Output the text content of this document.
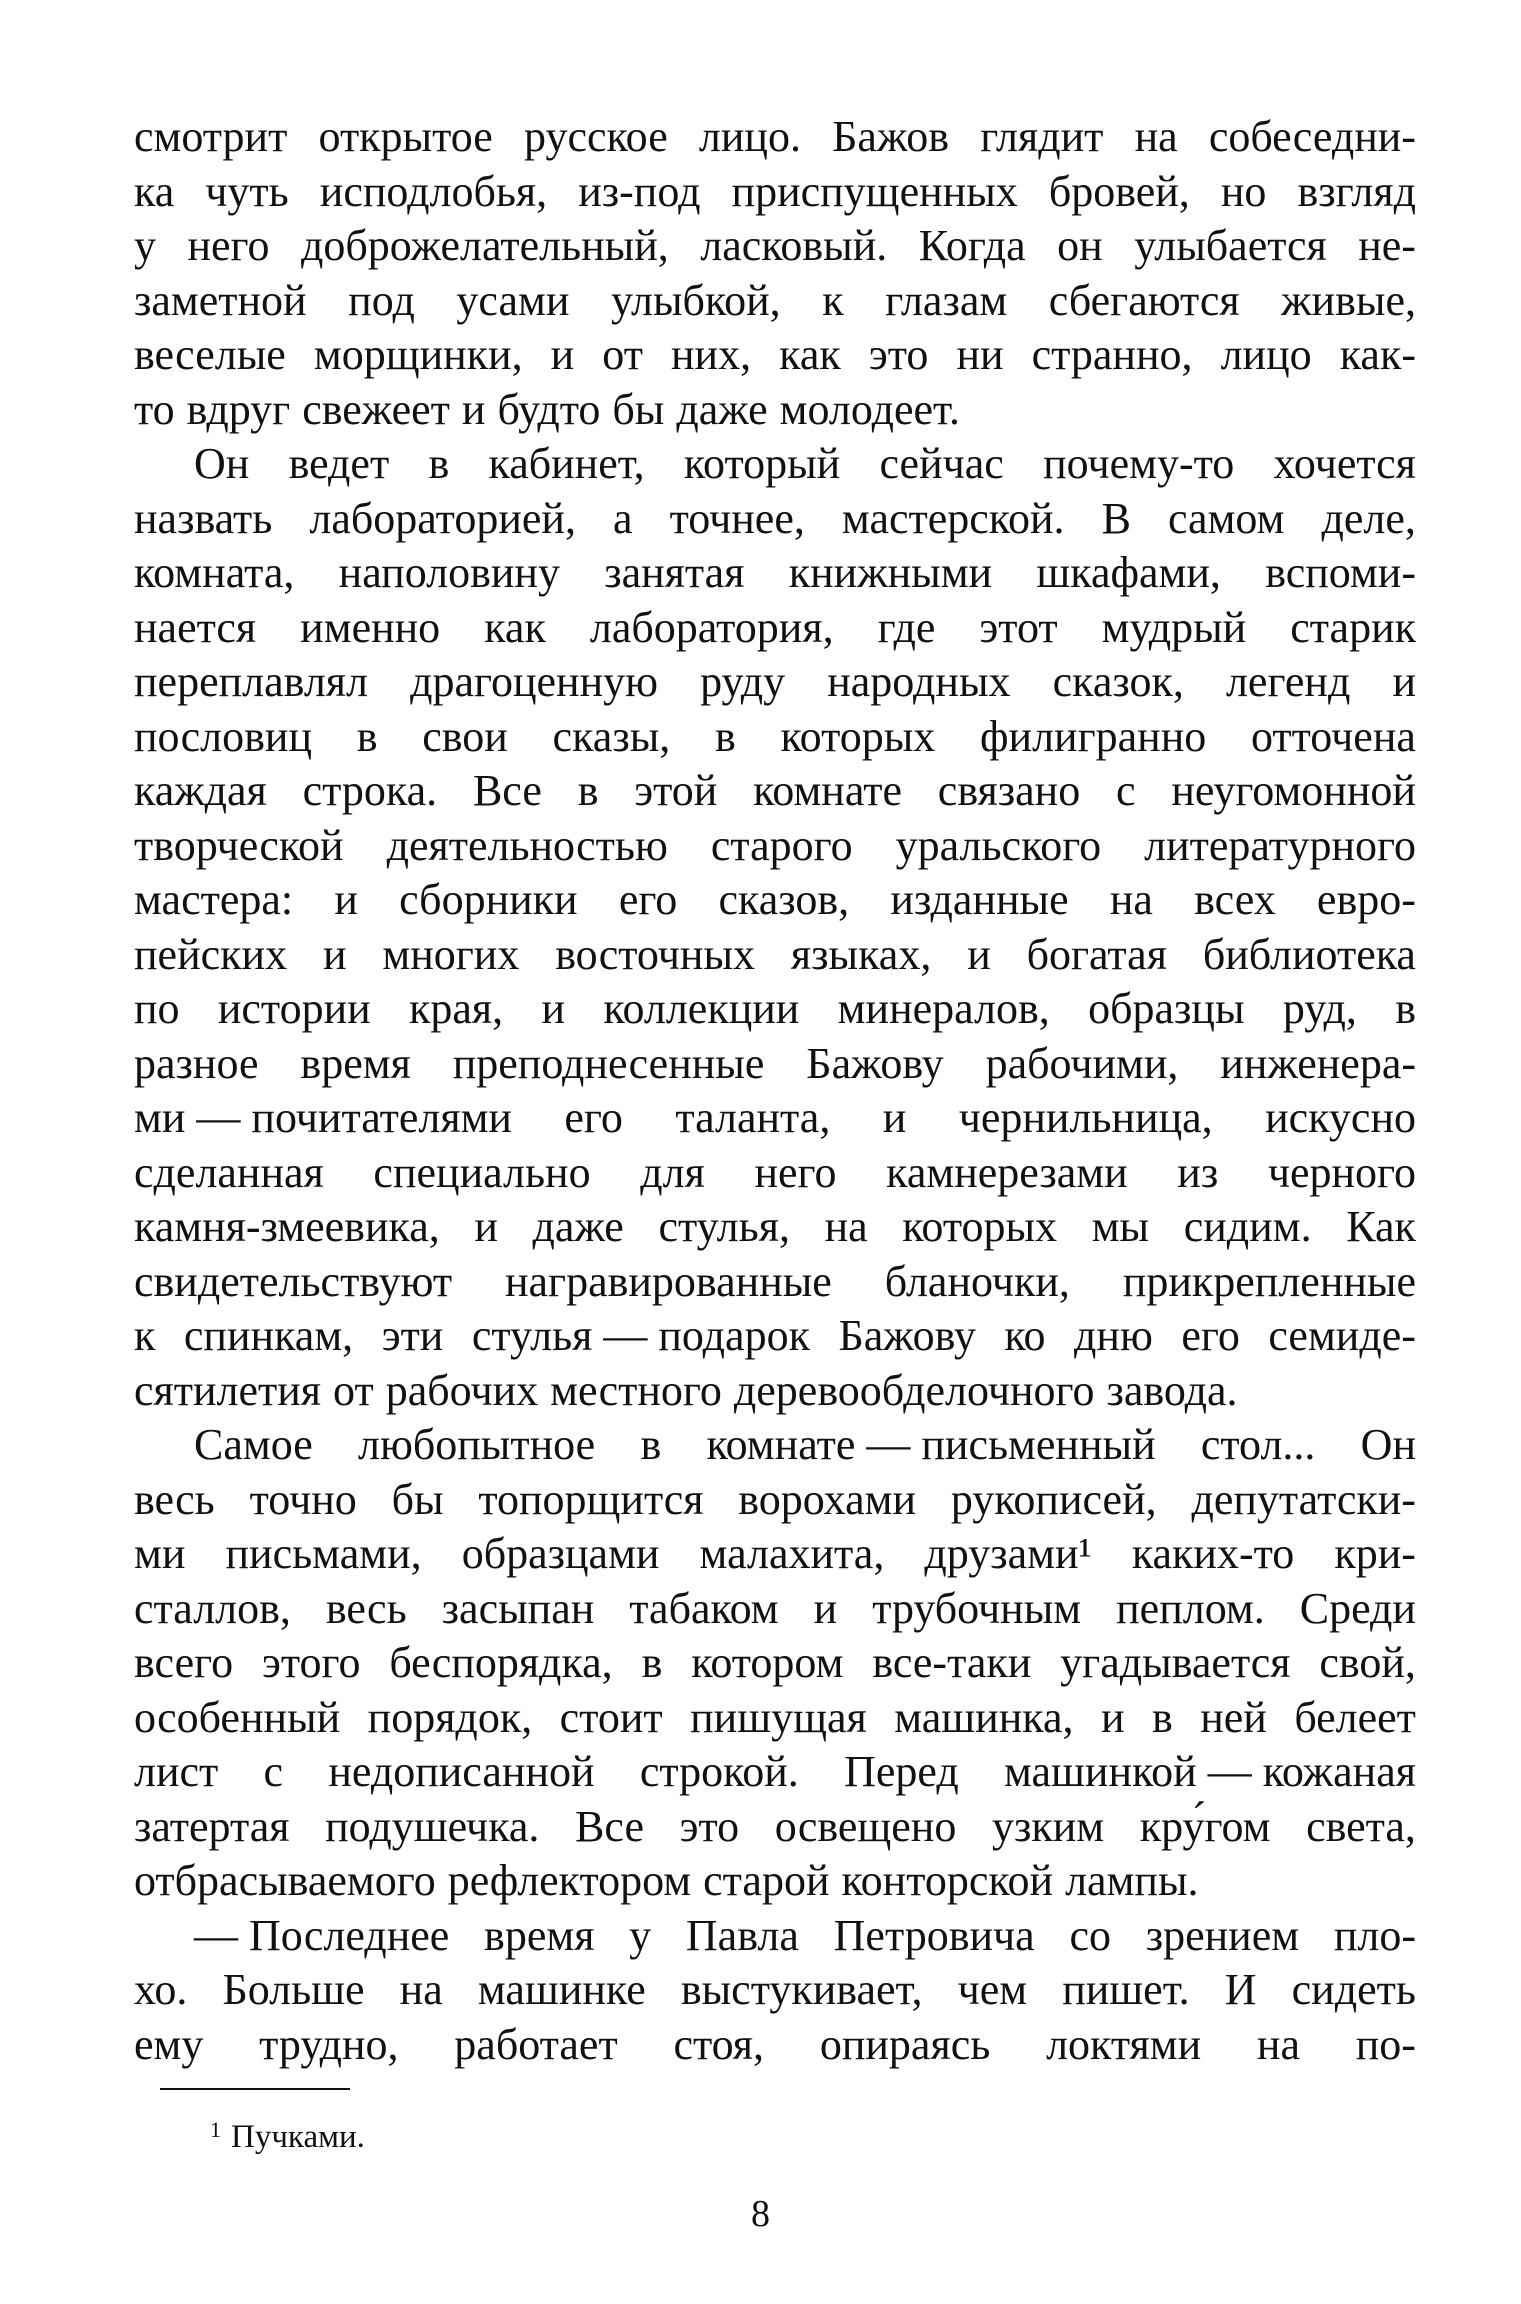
смотрит открытое русское лицо. Бажов глядит на собеседни-
ка чуть исподлобья, из-под приспущенных бровей, но взгляд
у него доброжелательный, ласковый. Когда он улыбается не-
заметной под усами улыбкой, к глазам сбегаются живые,
веселые морщинки, и от них, как это ни странно, лицо как-
то вдруг свежеет и будто бы даже молодеет.
Он ведет в кабинет, который сейчас почему-то хочется
назвать лабораторией, а точнее, мастерской. В самом деле,
комната, наполовину занятая книжными шкафами, вспоми-
нается именно как лаборатория, где этот мудрый старик
переплавлял драгоценную руду народных сказок, легенд и
пословиц в свои сказы, в которых филигранно отточена
каждая строка. Все в этой комнате связано с неугомонной
творческой деятельностью старого уральского литературного
мастера: и сборники его сказов, изданные на всех евро-
пейских и многих восточных языках, и богатая библиотека
по истории края, и коллекции минералов, образцы руд, в
разное время преподнесенные Бажову рабочими, инженера-
ми — почитателями его таланта, и чернильница, искусно
сделанная специально для него камнерезами из черного
камня-змеевика, и даже стулья, на которых мы сидим. Как
свидетельствуют награвированные бланочки, прикрепленные
к спинкам, эти стулья — подарок Бажову ко дню его семиде-
сятилетия от рабочих местного деревообделочного завода.
Самое любопытное в комнате — письменный стол... Он
весь точно бы топорщится ворохами рукописей, депутатски-
ми письмами, образцами малахита, друзами¹ каких-то кри-
сталлов, весь засыпан табаком и трубочным пеплом. Среди
всего этого беспорядка, в котором все-таки угадывается свой,
особенный порядок, стоит пишущая машинка, и в ней белеет
лист с недописанной строкой. Перед машинкой — кожаная
затертая подушечка. Все это освещено узким кру́гом света,
отбрасываемого рефлектором старой конторской лампы.
— Последнее время у Павла Петровича со зрением пло-
хо. Больше на машинке выстукивает, чем пишет. И сидеть
ему трудно, работает стоя, опираясь локтями на по-
$^1$ Пучками.
8
